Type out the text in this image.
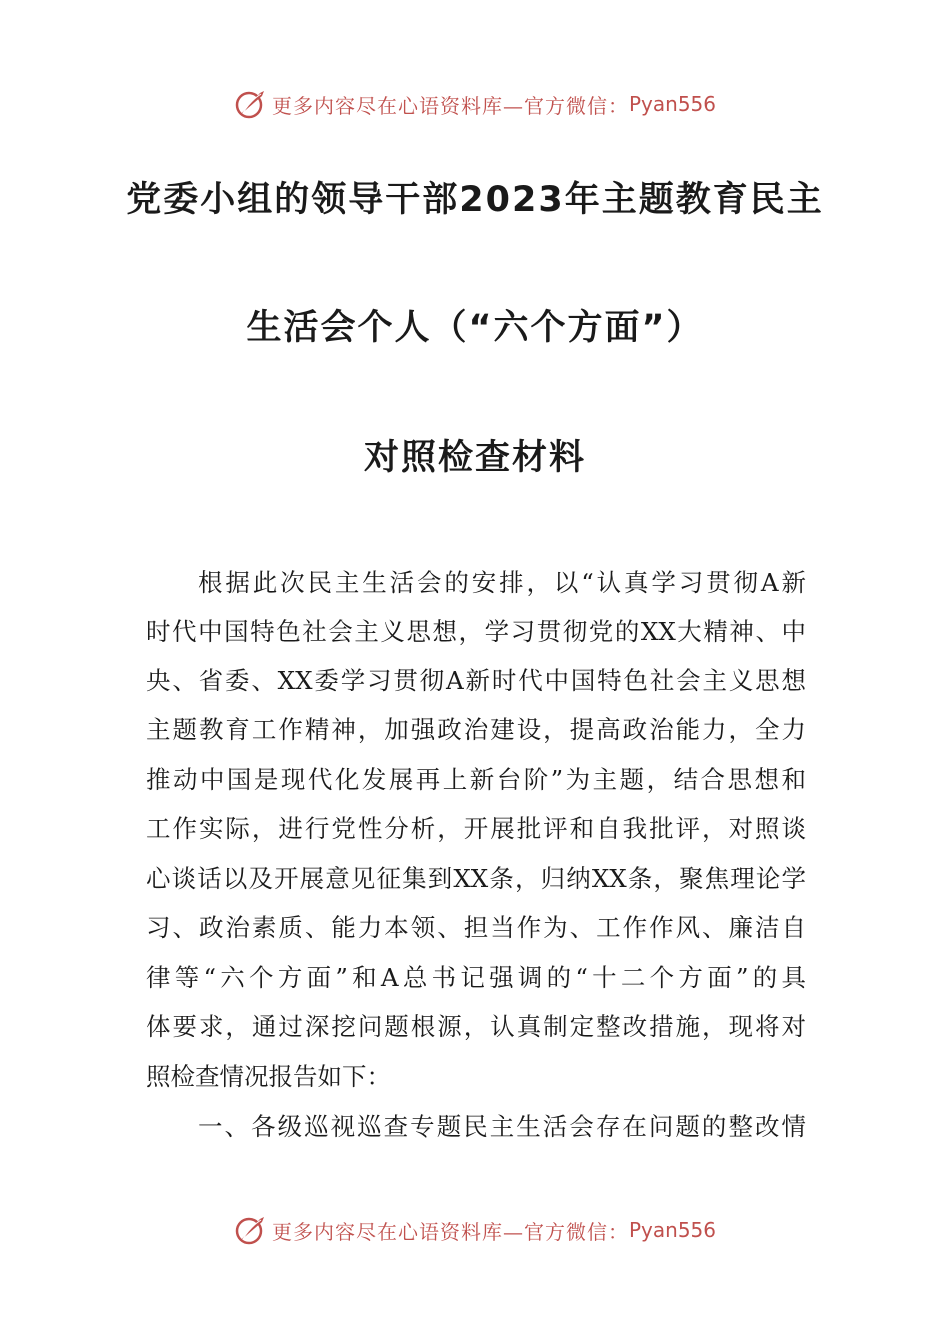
更多内容尽在心语资料库—官方微信： Pyan556
党委小组的领导干部2023年主题教育民主
生活会个人（“六个方面”）
对照检查材料
根据此次民主生活会的安排，以“认真学习贯彻A新
时代中国特色社会主义思想，学习贯彻党的XX大精神、中
央、省委、XX委学习贯彻A新时代中国特色社会主义思想
主题教育工作精神，加强政治建设，提高政治能力，全力
推动中国是现代化发展再上新台阶”为主题，结合思想和
工作实际，进行党性分析，开展批评和自我批评，对照谈
心谈话以及开展意见征集到XX条，归纳XX条，聚焦理论学
习、政治素质、能力本领、担当作为、工作作风、廉洁自
律等“六个方面”和A总书记强调的“十二个方面”的具
体要求，通过深挖问题根源，认真制定整改措施，现将对
照检查情况报告如下：
一、各级巡视巡查专题民主生活会存在问题的整改情
更多内容尽在心语资料库—官方微信： Pyan556
